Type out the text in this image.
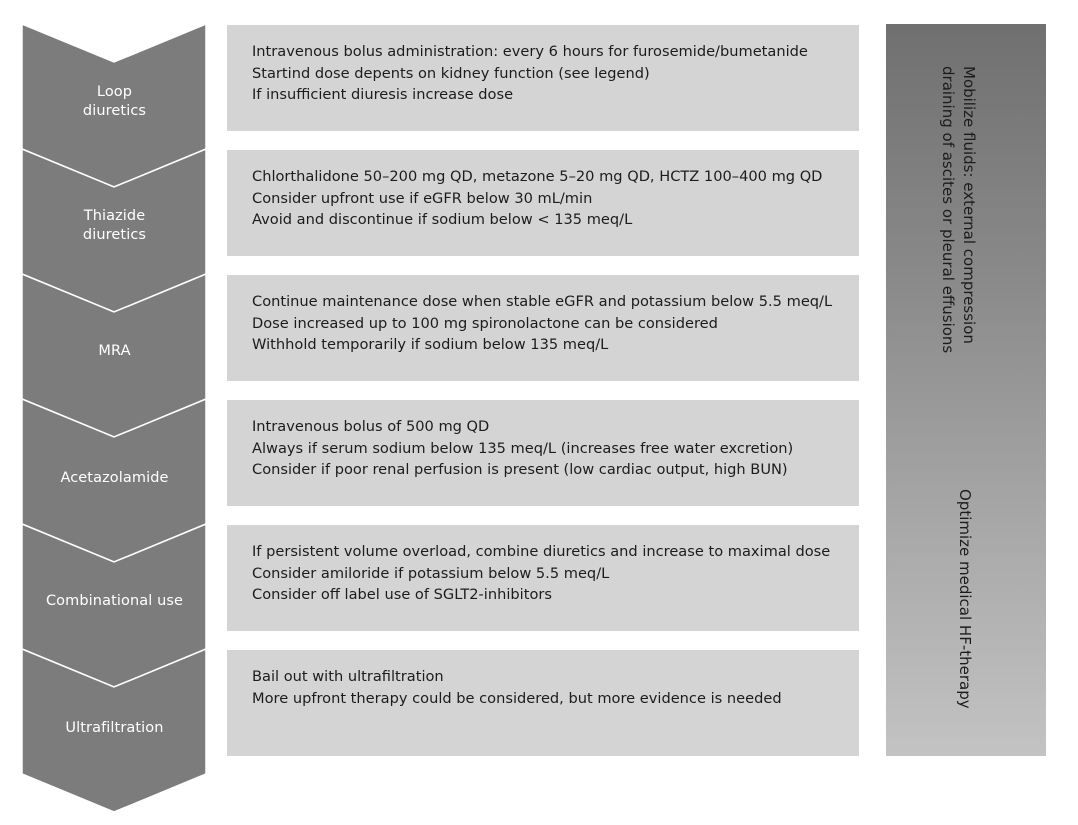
Loop
diuretics
Thiazide
diuretics
MRA
Acetazolamide
Combinational use
Ultrafiltration
Intravenous bolus administration: every 6 hours for furosemide/bumetanide
Startind dose depents on kidney function (see legend)
If insufficient diuresis increase dose
Chlorthalidone 50–200 mg QD, metazone 5–20 mg QD, HCTZ 100–400 mg QD
Consider upfront use if eGFR below 30 mL/min
Avoid and discontinue if sodium below < 135 meq/L
Continue maintenance dose when stable eGFR and potassium below 5.5 meq/L
Dose increased up to 100 mg spironolactone can be considered
Withhold temporarily if sodium below 135 meq/L
Intravenous bolus of 500 mg QD
Always if serum sodium below 135 meq/L (increases free water excretion)
Consider if poor renal perfusion is present (low cardiac output, high BUN)
If persistent volume overload, combine diuretics and increase to maximal dose
Consider amiloride if potassium below 5.5 meq/L
Consider off label use of SGLT2-inhibitors
Bail out with ultrafiltration
More upfront therapy could be considered, but more evidence is needed
Mobilize fluids: external compression
draining of ascites or pleural effusions
Optimize medical HF-therapy
